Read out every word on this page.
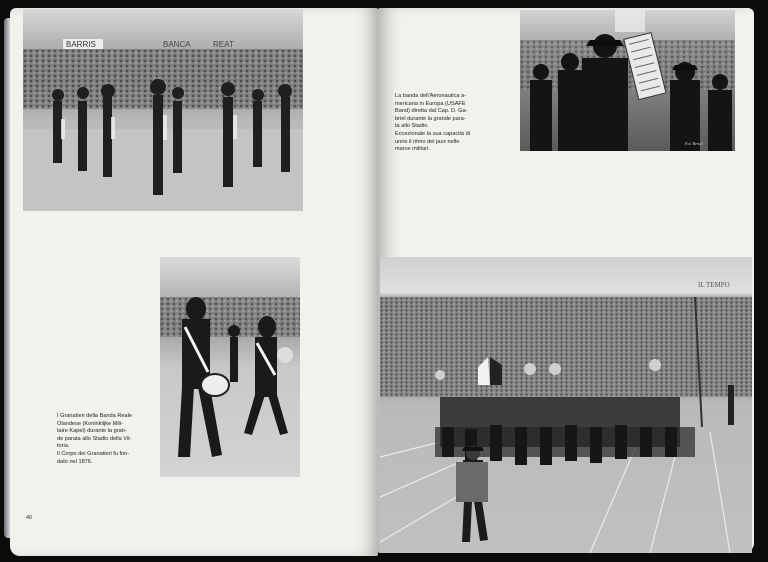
BARRIS	BANCA	REAT
Fot. Bersel
IL TEMPO
La banda dell'Aeronautica a-
mericana in Europa (USAFE
Band) diretta dal Cap. D. Ga-
briel durante la grande para-
ta allo Stadio.
Eccezionale la sua capacità di
unire il ritmo del jazz nelle
marce militari.
I Granatieri della Banda Reale
Olandese (Koninklijke Mili-
taire Kapel) durante la gran-
de parata allo Stadio della Vit-
toria.
Il Corpo dei Granatieri fu fon-
dato nel 1876.
40
